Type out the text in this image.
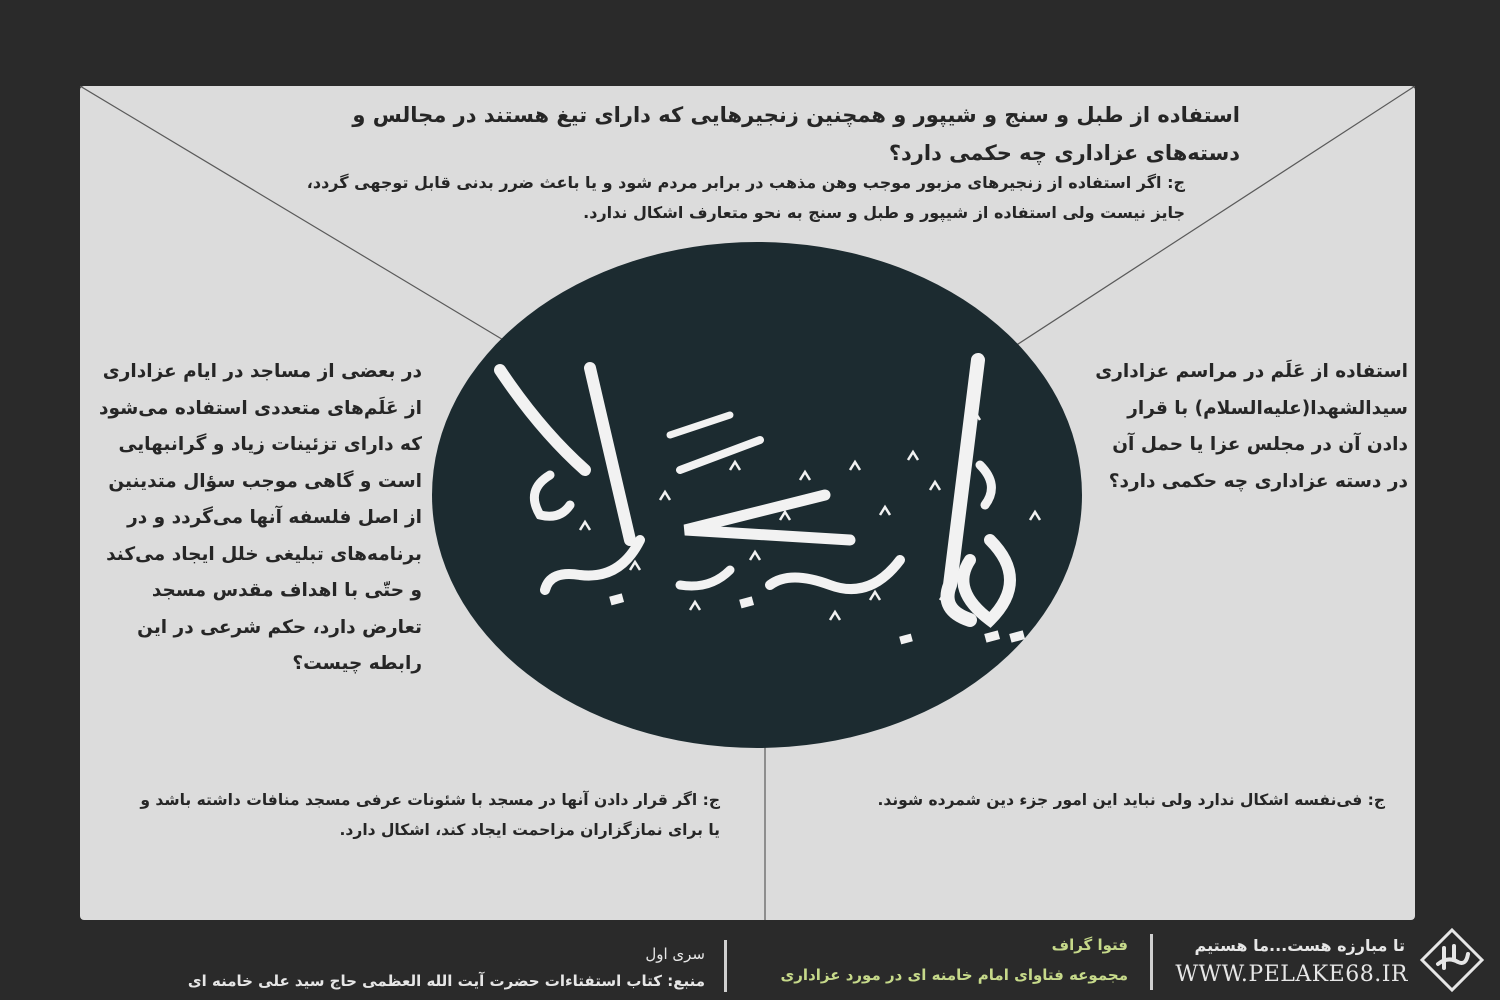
استفاده از طبل و سنج و شیپور و همچنین زنجیرهایی که دارای تیغ هستند در مجالس و دسته‌های عزاداری چه حکمی دارد؟
ج: اگر استفاده از زنجیرهای مزبور موجب وهن مذهب در برابر مردم شود و یا باعث ضرر بدنی قابل توجهی گردد، جایز نیست ولی استفاده از شیپور و طبل و سنج به نحو متعارف اشکال ندارد.
در بعضی از مساجد در ایام عزاداری از عَلَم‌های متعددی استفاده می‌شود که دارای تزئینات زیاد و گرانبهایی است و گاهی موجب سؤال متدینین از اصل فلسفه آنها می‌گردد و در برنامه‌های تبلیغی خلل ایجاد می‌کند و حتّی با اهداف مقدس مسجد تعارض دارد، حکم شرعی در این رابطه چیست؟
استفاده از عَلَم در مراسم عزاداری سیدالشهدا(علیه‌السلام) با قرار دادن آن در مجلس عزا یا حمل آن در دسته عزاداری چه حکمی دارد؟
ج: اگر قرار دادن آنها در مسجد با شئونات عرفی مسجد منافات داشته باشد و یا برای نمازگزاران مزاحمت ایجاد کند، اشکال دارد.
ج: فی‌نفسه اشکال ندارد ولی نباید این امور جزء دین شمرده شوند.
تا مبارزه هست...ما هستیم
WWW.PELAKE68.IR
فتوا گراف
مجموعه فتاوای امام خامنه ای در مورد عزاداری
سری اول
منبع: کتاب استفتاءات حضرت آیت الله العظمی حاج سید علی خامنه ای
